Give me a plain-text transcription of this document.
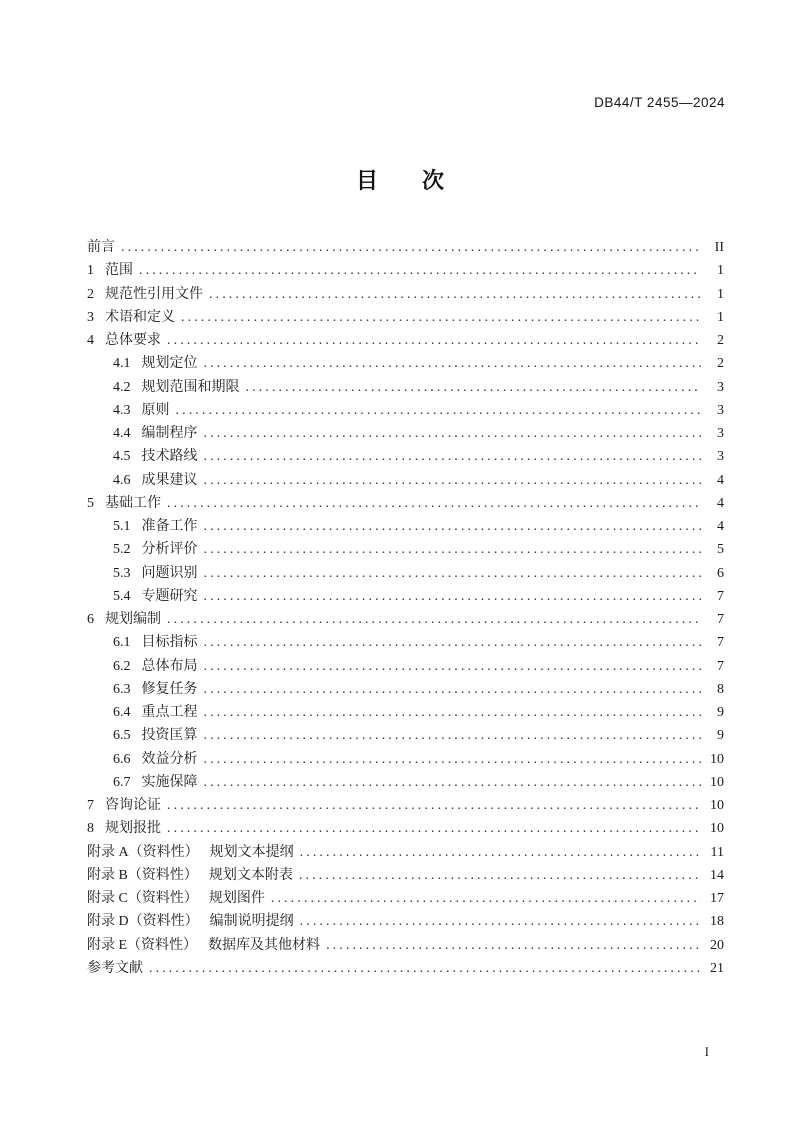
DB44/T 2455—2024
目　　次
前言 .....	II
1 范围 .....	1
2 规范性引用文件 .....	1
3 术语和定义 .....	1
4 总体要求 .....	2
4.1 规划定位 .....	2
4.2 规划范围和期限 .....	3
4.3 原则 .....	3
4.4 编制程序 .....	3
4.5 技术路线 .....	3
4.6 成果建议 .....	4
5 基础工作 .....	4
5.1 准备工作 .....	4
5.2 分析评价 .....	5
5.3 问题识别 .....	6
5.4 专题研究 .....	7
6 规划编制 .....	7
6.1 目标指标 .....	7
6.2 总体布局 .....	7
6.3 修复任务 .....	8
6.4 重点工程 .....	9
6.5 投资匡算 .....	9
6.6 效益分析 .....	10
6.7 实施保障 .....	10
7 咨询论证 .....	10
8 规划报批 .....	10
附录 A（资料性） 规划文本提纲 .....	11
附录 B（资料性） 规划文本附表 .....	14
附录 C（资料性） 规划图件 .....	17
附录 D（资料性） 编制说明提纲 .....	18
附录 E（资料性） 数据库及其他材料 .....	20
参考文献 .....	21
I
